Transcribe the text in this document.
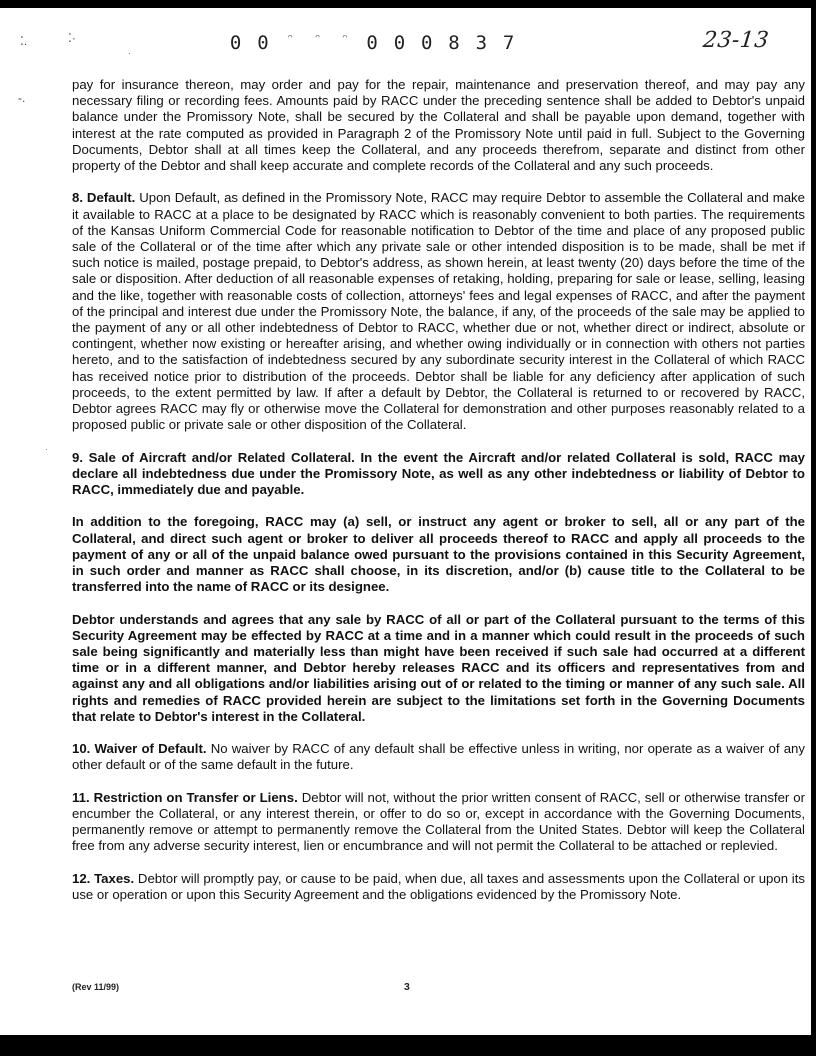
⁚.	⁚·
-.
·
·
0 0	ᵔ	ᵔ	ᵔ 0 0 0 8 3 7	23-13

pay for insurance thereon, may order and pay for the repair, maintenance and preservation thereof, and may pay any necessary filing or recording fees. Amounts paid by RACC under the preceding sentence shall be added to Debtor's unpaid balance under the Promissory Note, shall be secured by the Collateral and shall be payable upon demand, together with interest at the rate computed as provided in Paragraph 2 of the Promissory Note until paid in full. Subject to the Governing Documents, Debtor shall at all times keep the Collateral, and any proceeds therefrom, separate and distinct from other property of the Debtor and shall keep accurate and complete records of the Collateral and any such proceeds.

8. Default. Upon Default, as defined in the Promissory Note, RACC may require Debtor to assemble the Collateral and make it available to RACC at a place to be designated by RACC which is reasonably convenient to both parties. The requirements of the Kansas Uniform Commercial Code for reasonable notification to Debtor of the time and place of any proposed public sale of the Collateral or of the time after which any private sale or other intended disposition is to be made, shall be met if such notice is mailed, postage prepaid, to Debtor's address, as shown herein, at least twenty (20) days before the time of the sale or disposition. After deduction of all reasonable expenses of retaking, holding, preparing for sale or lease, selling, leasing and the like, together with reasonable costs of collection, attorneys' fees and legal expenses of RACC, and after the payment of the principal and interest due under the Promissory Note, the balance, if any, of the proceeds of the sale may be applied to the payment of any or all other indebtedness of Debtor to RACC, whether due or not, whether direct or indirect, absolute or contingent, whether now existing or hereafter arising, and whether owing individually or in connection with others not parties hereto, and to the satisfaction of indebtedness secured by any subordinate security interest in the Collateral of which RACC has received notice prior to distribution of the proceeds. Debtor shall be liable for any deficiency after application of such proceeds, to the extent permitted by law. If after a default by Debtor, the Collateral is returned to or recovered by RACC, Debtor agrees RACC may fly or otherwise move the Collateral for demonstration and other purposes reasonably related to a proposed public or private sale or other disposition of the Collateral.

9. Sale of Aircraft and/or Related Collateral. In the event the Aircraft and/or related Collateral is sold, RACC may declare all indebtedness due under the Promissory Note, as well as any other indebtedness or liability of Debtor to RACC, immediately due and payable.

In addition to the foregoing, RACC may (a) sell, or instruct any agent or broker to sell, all or any part of the Collateral, and direct such agent or broker to deliver all proceeds thereof to RACC and apply all proceeds to the payment of any or all of the unpaid balance owed pursuant to the provisions contained in this Security Agreement, in such order and manner as RACC shall choose, in its discretion, and/or (b) cause title to the Collateral to be transferred into the name of RACC or its designee.

Debtor understands and agrees that any sale by RACC of all or part of the Collateral pursuant to the terms of this Security Agreement may be effected by RACC at a time and in a manner which could result in the proceeds of such sale being significantly and materially less than might have been received if such sale had occurred at a different time or in a different manner, and Debtor hereby releases RACC and its officers and representatives from and against any and all obligations and/or liabilities arising out of or related to the timing or manner of any such sale. All rights and remedies of RACC provided herein are subject to the limitations set forth in the Governing Documents that relate to Debtor's interest in the Collateral.

10. Waiver of Default. No waiver by RACC of any default shall be effective unless in writing, nor operate as a waiver of any other default or of the same default in the future.

11. Restriction on Transfer or Liens. Debtor will not, without the prior written consent of RACC, sell or otherwise transfer or encumber the Collateral, or any interest therein, or offer to do so or, except in accordance with the Governing Documents, permanently remove or attempt to permanently remove the Collateral from the United States. Debtor will keep the Collateral free from any adverse security interest, lien or encumbrance and will not permit the Collateral to be attached or replevied.

12. Taxes. Debtor will promptly pay, or cause to be paid, when due, all taxes and assessments upon the Collateral or upon its use or operation or upon this Security Agreement and the obligations evidenced by the Promissory Note.

(Rev 11/99)	3
